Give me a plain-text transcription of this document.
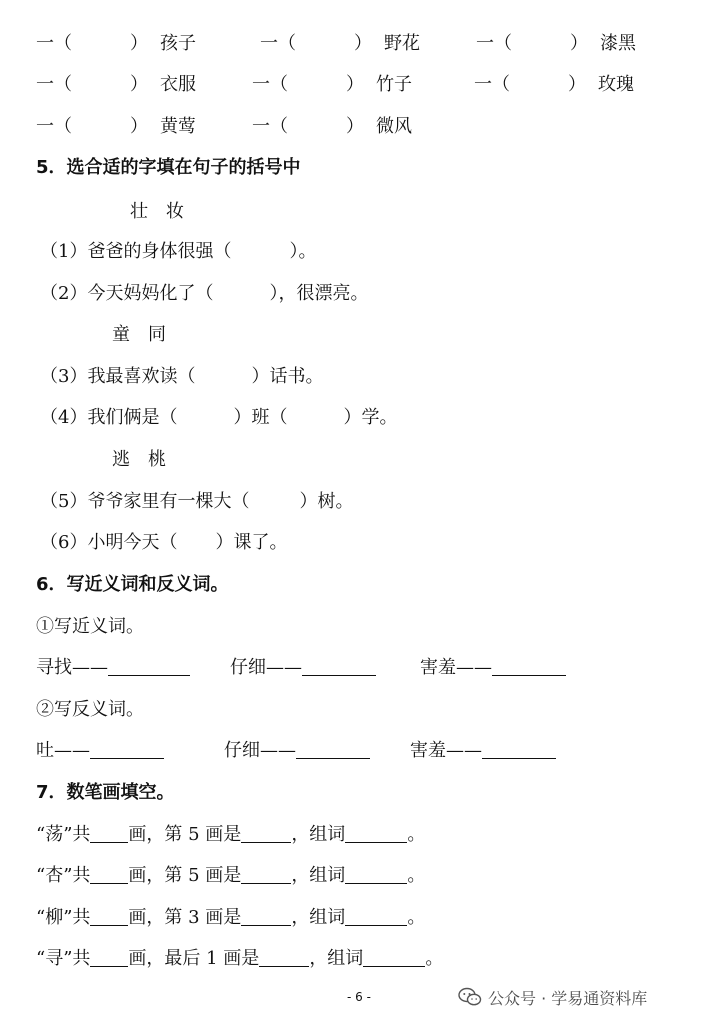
一（	） 孩子	一（	） 野花	一（	） 漆黑
一（	） 衣服	一（	） 竹子	一（	） 玫瑰
一（	） 黄莺	一（	） 微风
5．选合适的字填在句子的括号中
壮　妆
（1）爸爸的身体很强（	）。
（2）今天妈妈化了（	），很漂亮。
童　同
（3）我最喜欢读（	）话书。
（4）我们俩是（	）班（	）学。
逃　桃
（5）爷爷家里有一棵大（	）树。
（6）小明今天（ ）课了。
6．写近义词和反义词。
①写近义词。
寻找——	仔细——	害羞——
②写反义词。
吐——	仔细——	害羞——
7．数笔画填空。
“荡”共 画，第 5 画是	，组词	。
“杏”共 画，第 5 画是	，组词	。
“柳”共 画，第 3 画是	，组词	。
“寻”共 画，最后 1 画是	，组词	。
- 6 -	公众号 · 学易通资料库
